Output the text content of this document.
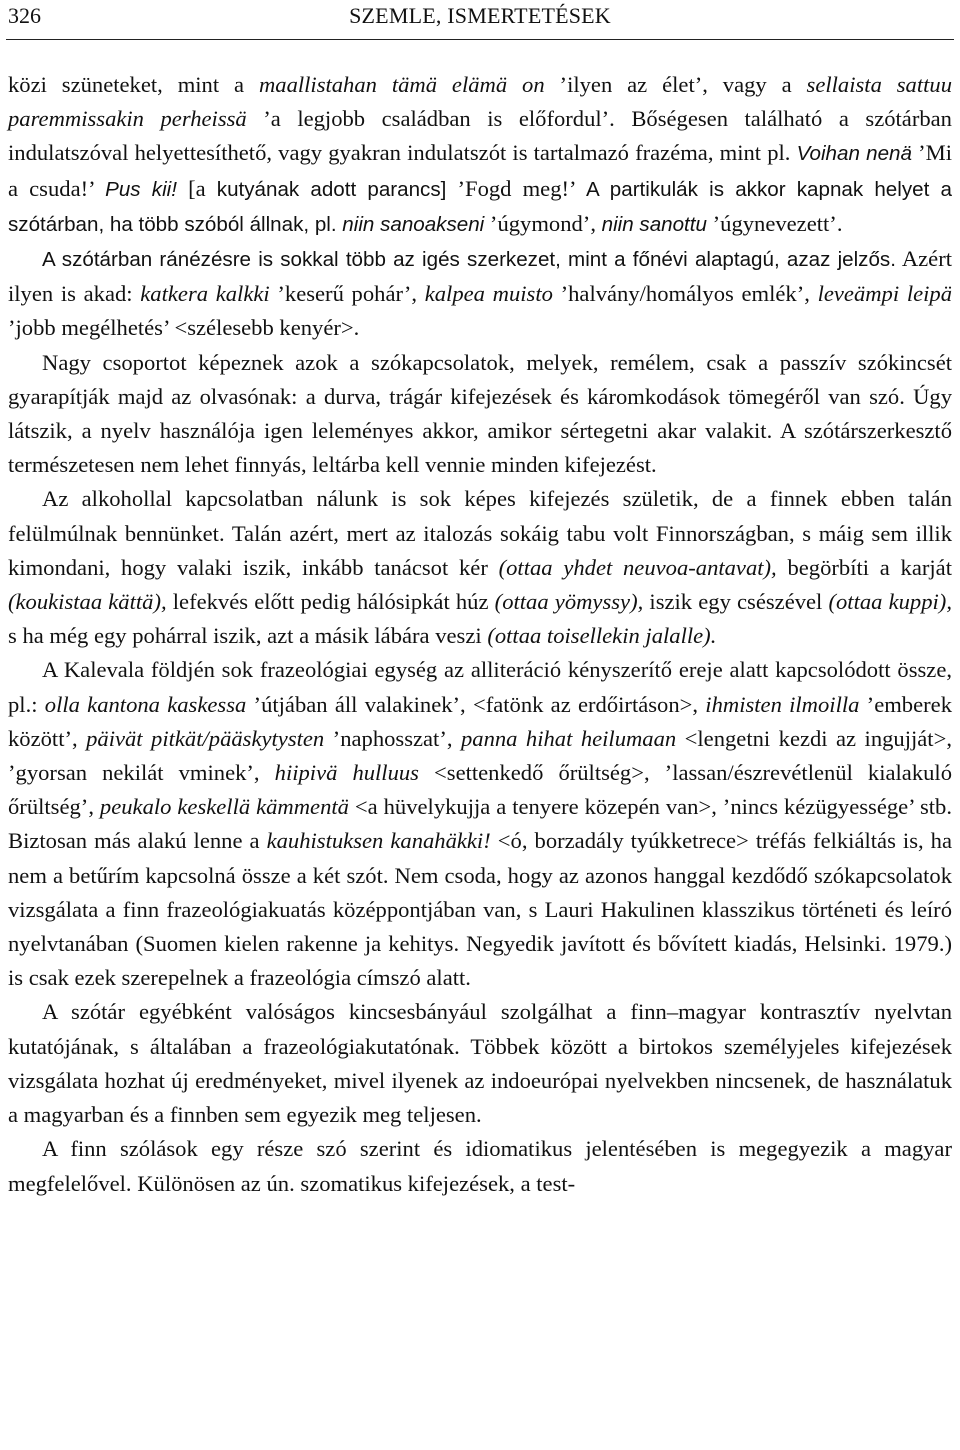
326	SZEMLE, ISMERTETÉSEK

közi szüneteket, mint a maallistahan tämä elämä on ’ilyen az élet’, vagy a sellaista sattuu paremmissakin perheissä ’a legjobb családban is előfordul’. Bőségesen található a szótárban indulatszóval helyettesíthető, vagy gyakran indulatszót is tartalmazó frazéma, mint pl. Voihan nenä ’Mi a csuda!’ Pus kii! [a kutyának adott parancs] ’Fogd meg!’ A partikulák is akkor kapnak helyet a szótárban, ha több szóból állnak, pl. niin sanoakseni ’úgymond’, niin sanottu ’úgynevezett’.

A szótárban ránézésre is sokkal több az igés szerkezet, mint a főnévi alaptagú, azaz jelzős. Azért ilyen is akad: katkera kalkki ’keserű pohár’, kalpea muisto ’halvány/homályos emlék’, leveämpi leipä ’jobb megélhetés’ <szélesebb kenyér>.

Nagy csoportot képeznek azok a szókapcsolatok, melyek, remélem, csak a passzív szókincsét gyarapítják majd az olvasónak: a durva, trágár kifejezések és káromkodások tömegéről van szó. Úgy látszik, a nyelv használója igen leleményes akkor, amikor sértegetni akar valakit. A szótárszerkesztő természetesen nem lehet finnyás, leltárba kell vennie minden kifejezést.

Az alkohollal kapcsolatban nálunk is sok képes kifejezés születik, de a finnek ebben talán felülmúlnak bennünket. Talán azért, mert az italozás sokáig tabu volt Finnországban, s máig sem illik kimondani, hogy valaki iszik, inkább tanácsot kér (ottaa yhdet neuvoa-antavat), begörbíti a karját (koukistaa kättä), lefekvés előtt pedig hálósipkát húz (ottaa yömyssy), iszik egy csészével (ottaa kuppi), s ha még egy pohárral iszik, azt a másik lábára veszi (ottaa toisellekin jalalle).

A Kalevala földjén sok frazeológiai egység az alliteráció kényszerítő ereje alatt kapcsolódott össze, pl.: olla kantona kaskessa ’útjában áll valakinek’, <fatönk az erdőirtáson>, ihmisten ilmoilla ’emberek között’, päivät pitkät/pääskytysten ’naphosszat’, panna hihat heilumaan <lengetni kezdi az ingujját>, ’gyorsan nekilát vminek’, hiipivä hulluus <settenkedő őrültség>, ’lassan/észrevétlenül kialakuló őrültség’, peukalo keskellä kämmentä <a hüvelykujja a tenyere közepén van>, ’nincs kézügyessége’ stb. Biztosan más alakú lenne a kauhistuksen kanahäkki! <ó, borzadály tyúkketrece> tréfás felkiáltás is, ha nem a betűrím kapcsolná össze a két szót. Nem csoda, hogy az azonos hanggal kezdődő szókapcsolatok vizsgálata a finn frazeológiakuatás középpontjában van, s Lauri Hakulinen klasszikus történeti és leíró nyelvtanában (Suomen kielen rakenne ja kehitys. Negyedik javított és bővített kiadás, Helsinki. 1979.) is csak ezek szerepelnek a frazeológia címszó alatt.

A szótár egyébként valóságos kincsesbányául szolgálhat a finn–magyar kontrasztív nyelvtan kutatójának, s általában a frazeológiakutatónak. Többek között a birtokos személyjeles kifejezések vizsgálata hozhat új eredményeket, mivel ilyenek az indoeurópai nyelvekben nincsenek, de használatuk a magyarban és a finnben sem egyezik meg teljesen.

A finn szólások egy része szó szerint és idiomatikus jelentésében is megegyezik a magyar megfelelővel. Különösen az ún. szomatikus kifejezések, a test-
